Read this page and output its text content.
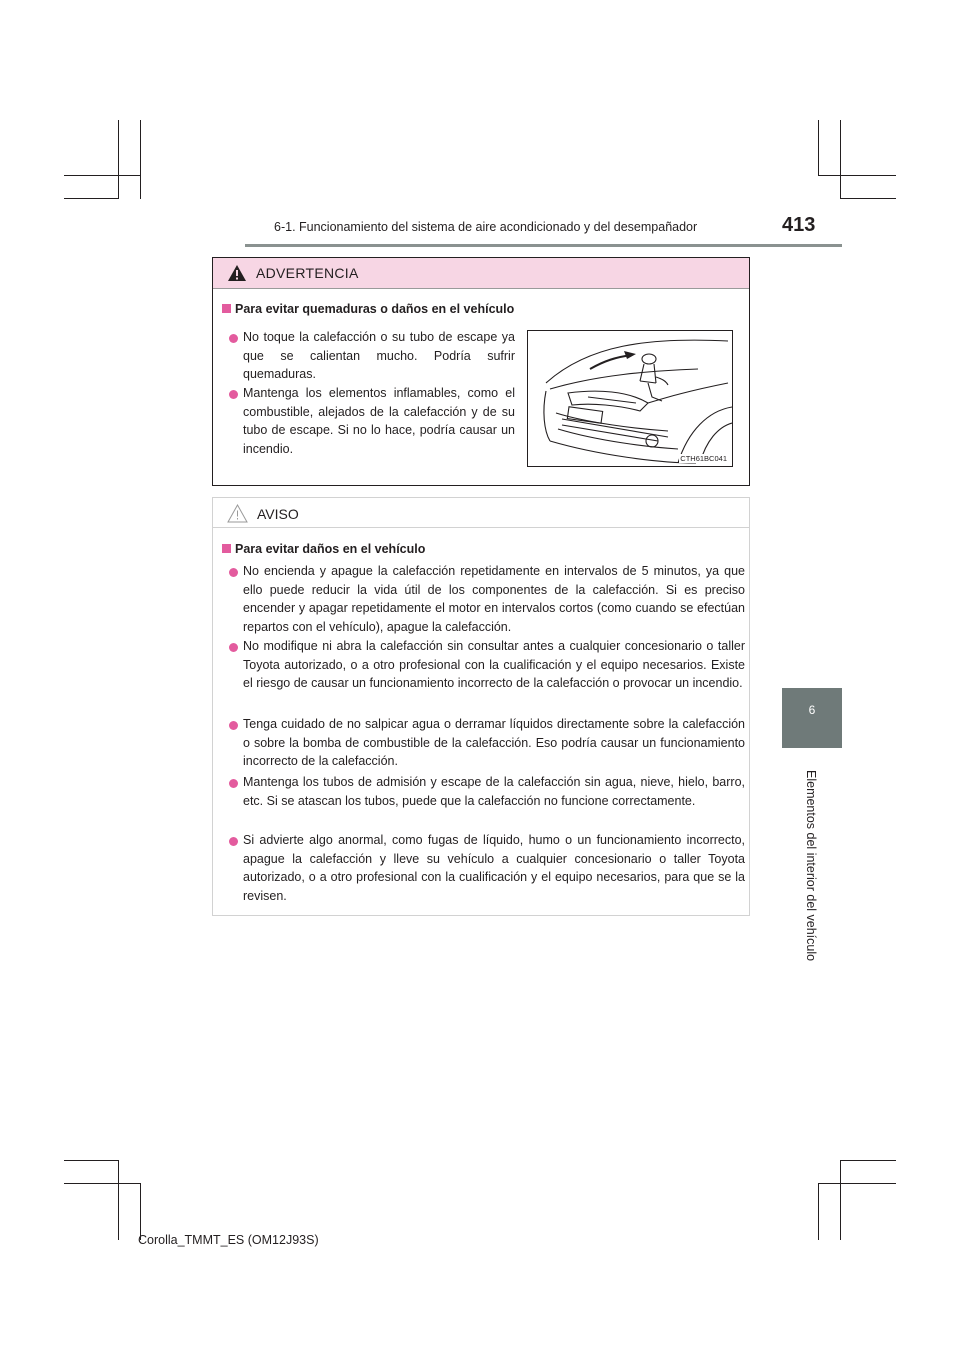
6-1. Funcionamiento del sistema de aire acondicionado y del desempañador	413
6
Elementos del interior del vehículo
ADVERTENCIA
Para evitar quemaduras o daños en el vehículo
No toque la calefacción o su tubo de escape ya que se calientan mucho. Podría sufrir quemaduras.
Mantenga los elementos inflamables, como el combustible, alejados de la calefacción y de su tubo de escape. Si no lo hace, podría causar un incendio.
CTH61BC041
AVISO
Para evitar daños en el vehículo
No encienda y apague la calefacción repetidamente en intervalos de 5 minutos, ya que ello puede reducir la vida útil de los componentes de la calefacción. Si es preciso encender y apagar repetidamente el motor en intervalos cortos (como cuando se efectúan repartos con el vehículo), apague la calefacción.
No modifique ni abra la calefacción sin consultar antes a cualquier concesionario o taller Toyota autorizado, o a otro profesional con la cualificación y el equipo necesarios. Existe el riesgo de causar un funcionamiento incorrecto de la calefacción o provocar un incendio.
Tenga cuidado de no salpicar agua o derramar líquidos directamente sobre la calefacción o sobre la bomba de combustible de la calefacción. Eso podría causar un funcionamiento incorrecto de la calefacción.
Mantenga los tubos de admisión y escape de la calefacción sin agua, nieve, hielo, barro, etc. Si se atascan los tubos, puede que la calefacción no funcione correctamente.
Si advierte algo anormal, como fugas de líquido, humo o un funcionamiento incorrecto, apague la calefacción y lleve su vehículo a cualquier concesionario o taller Toyota autorizado, o a otro profesional con la cualificación y el equipo necesarios, para que se la revisen.
Corolla_TMMT_ES (OM12J93S)
